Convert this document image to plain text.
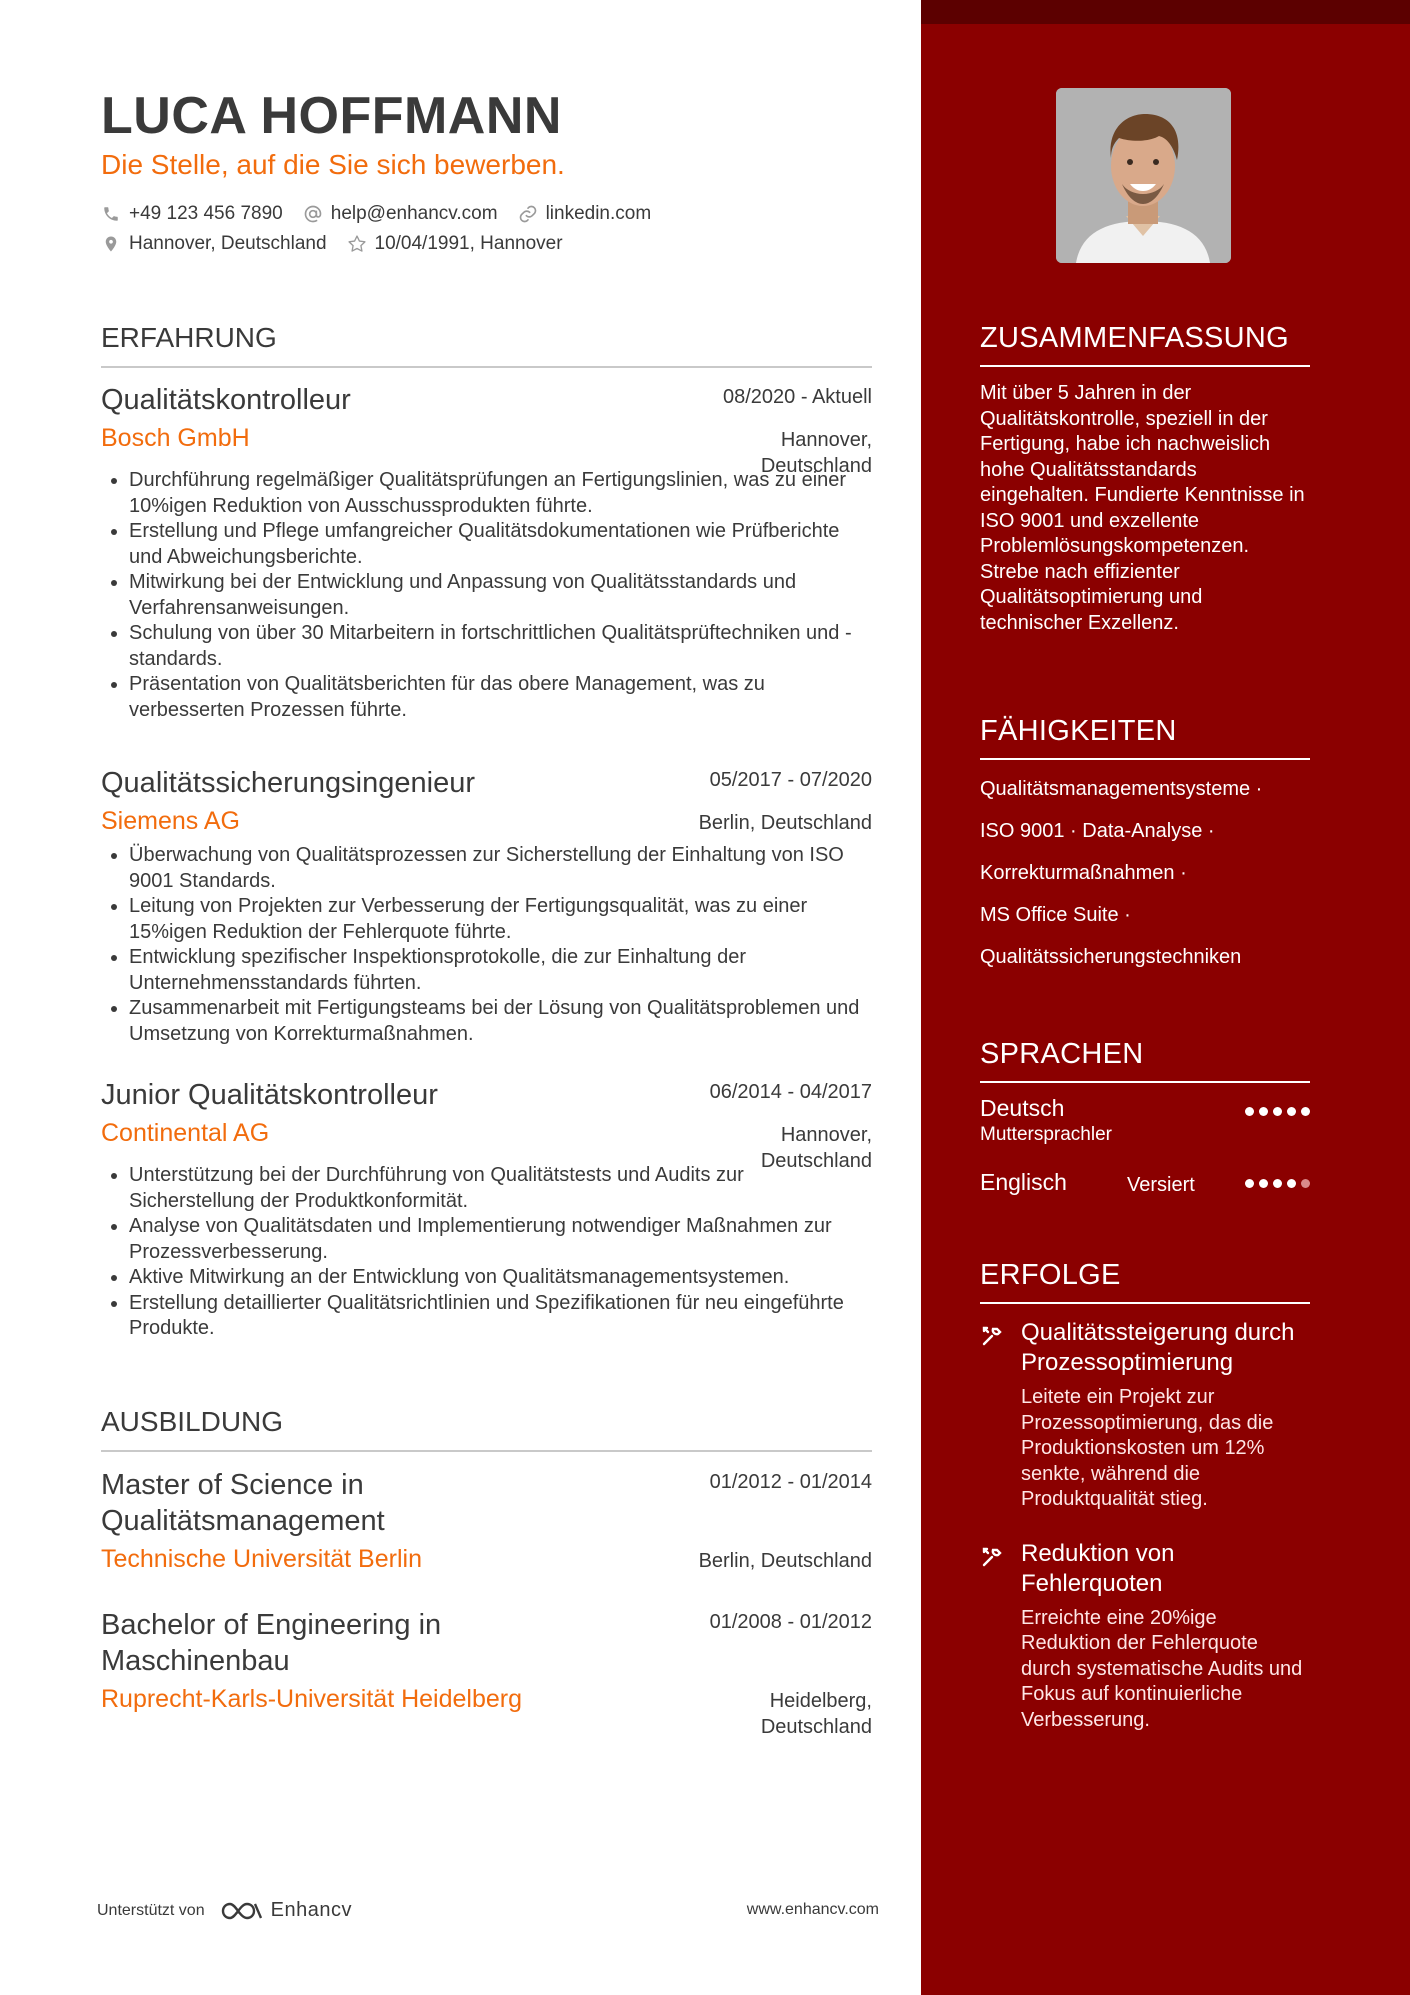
LUCA HOFFMANN
Die Stelle, auf die Sie sich bewerben.
+49 123 456 7890	help@enhancv.com	linkedin.com
Hannover, Deutschland	10/04/1991, Hannover
ERFAHRUNG
Qualitätskontrolleur	08/2020 - Aktuell
Bosch GmbH	Hannover, Deutschland
Durchführung regelmäßiger Qualitätsprüfungen an Fertigungslinien, was zu einer 10%igen Reduktion von Ausschussprodukten führte.
Erstellung und Pflege umfangreicher Qualitätsdokumentationen wie Prüfberichte und Abweichungsberichte.
Mitwirkung bei der Entwicklung und Anpassung von Qualitätsstandards und Verfahrensanweisungen.
Schulung von über 30 Mitarbeitern in fortschrittlichen Qualitätsprüftechniken und -standards.
Präsentation von Qualitätsberichten für das obere Management, was zu verbesserten Prozessen führte.
Qualitätssicherungsingenieur	05/2017 - 07/2020
Siemens AG	Berlin, Deutschland
Überwachung von Qualitätsprozessen zur Sicherstellung der Einhaltung von ISO 9001 Standards.
Leitung von Projekten zur Verbesserung der Fertigungsqualität, was zu einer 15%igen Reduktion der Fehlerquote führte.
Entwicklung spezifischer Inspektionsprotokolle, die zur Einhaltung der Unternehmensstandards führten.
Zusammenarbeit mit Fertigungsteams bei der Lösung von Qualitätsproblemen und Umsetzung von Korrekturmaßnahmen.
Junior Qualitätskontrolleur	06/2014 - 04/2017
Continental AG	Hannover, Deutschland
Unterstützung bei der Durchführung von Qualitätstests und Audits zur Sicherstellung der Produktkonformität.
Analyse von Qualitätsdaten und Implementierung notwendiger Maßnahmen zur Prozessverbesserung.
Aktive Mitwirkung an der Entwicklung von Qualitätsmanagementsystemen.
Erstellung detaillierter Qualitätsrichtlinien und Spezifikationen für neu eingeführte Produkte.
AUSBILDUNG
Master of Science in Qualitätsmanagement
01/2012 - 01/2014
Technische Universität Berlin	Berlin, Deutschland
Bachelor of Engineering in Maschinenbau
01/2008 - 01/2012
Ruprecht-Karls-Universität Heidelberg	Heidelberg, Deutschland
Unterstützt von	Enhancv	www.enhancv.com
ZUSAMMENFASSUNG
Mit über 5 Jahren in der Qualitätskontrolle, speziell in der Fertigung, habe ich nachweislich hohe Qualitätsstandards eingehalten. Fundierte Kenntnisse in ISO 9001 und exzellente Problemlösungskompetenzen. Strebe nach effizienter Qualitätsoptimierung und technischer Exzellenz.
FÄHIGKEITEN
Qualitätsmanagementsysteme ·
ISO 9001 · Data-Analyse ·
Korrekturmaßnahmen ·
MS Office Suite ·
Qualitätssicherungstechniken
SPRACHEN
Deutsch
Muttersprachler
Englisch	Versiert
ERFOLGE
Qualitätssteigerung durch Prozessoptimierung
Leitete ein Projekt zur Prozessoptimierung, das die Produktionskosten um 12% senkte, während die Produktqualität stieg.
Reduktion von Fehlerquoten
Erreichte eine 20%ige Reduktion der Fehlerquote durch systematische Audits und Fokus auf kontinuierliche Verbesserung.
